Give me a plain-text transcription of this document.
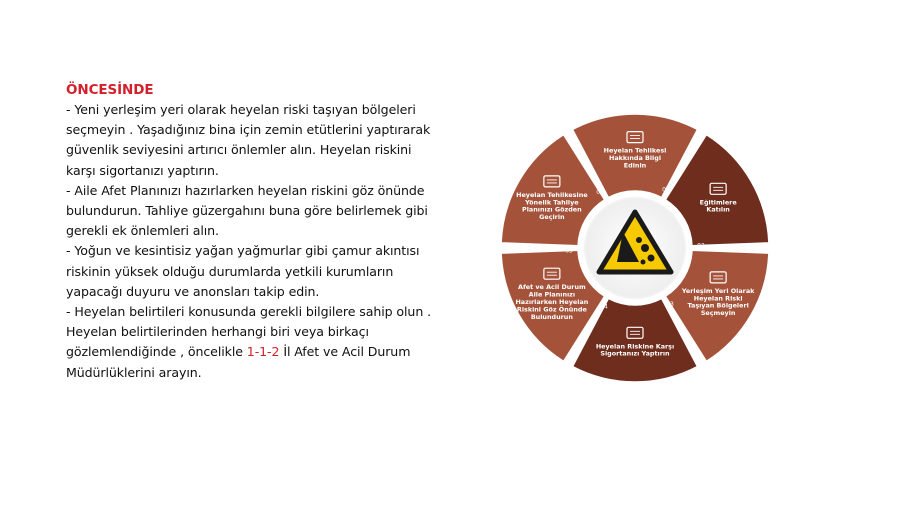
ÖNCESİNDE

- Yeni yerleşim yeri olarak heyelan riski taşıyan bölgeleri seçmeyin . Yaşadığınız bina için zemin etütlerini yaptırarak güvenlik seviyesini artırıcı önlemler alın. Heyelan riskini karşı sigortanızı yaptırın.

- Aile Afet Planınızı hazırlarken heyelan riskini göz önünde bulundurun. Tahliye güzergahını buna göre belirlemek gibi gerekli ek önlemleri alın.

- Yoğun ve kesintisiz yağan yağmurlar gibi çamur akıntısı riskinin yüksek olduğu durumlarda yetkili kurumların yapacağı duyuru ve anonsları takip edin.

- Heyelan belirtileri konusunda gerekli bilgilere sahip olun . Heyelan belirtilerinden herhangi biri veya birkaçı gözlemlendiğinde , öncelikle 1-1-2 İl Afet ve Acil Durum Müdürlüklerini arayın.

01
02
03
04
05
06
Heyelan Tehlikesi Hakkında Bilgi Edinin
Eğitimlere Katılın
Yerleşim Yeri Olarak Heyelan Riski Taşıyan Bölgeleri Seçmeyin
Heyelan Riskine Karşı Sigortanızı Yaptırın
Afet ve Acil Durum Aile Planınızı Hazırlarken Heyelan Riskini Göz Önünde Bulundurun
Heyelan Tehlikesine Yönelik Tahliye Planınızı Gözden Geçirin
